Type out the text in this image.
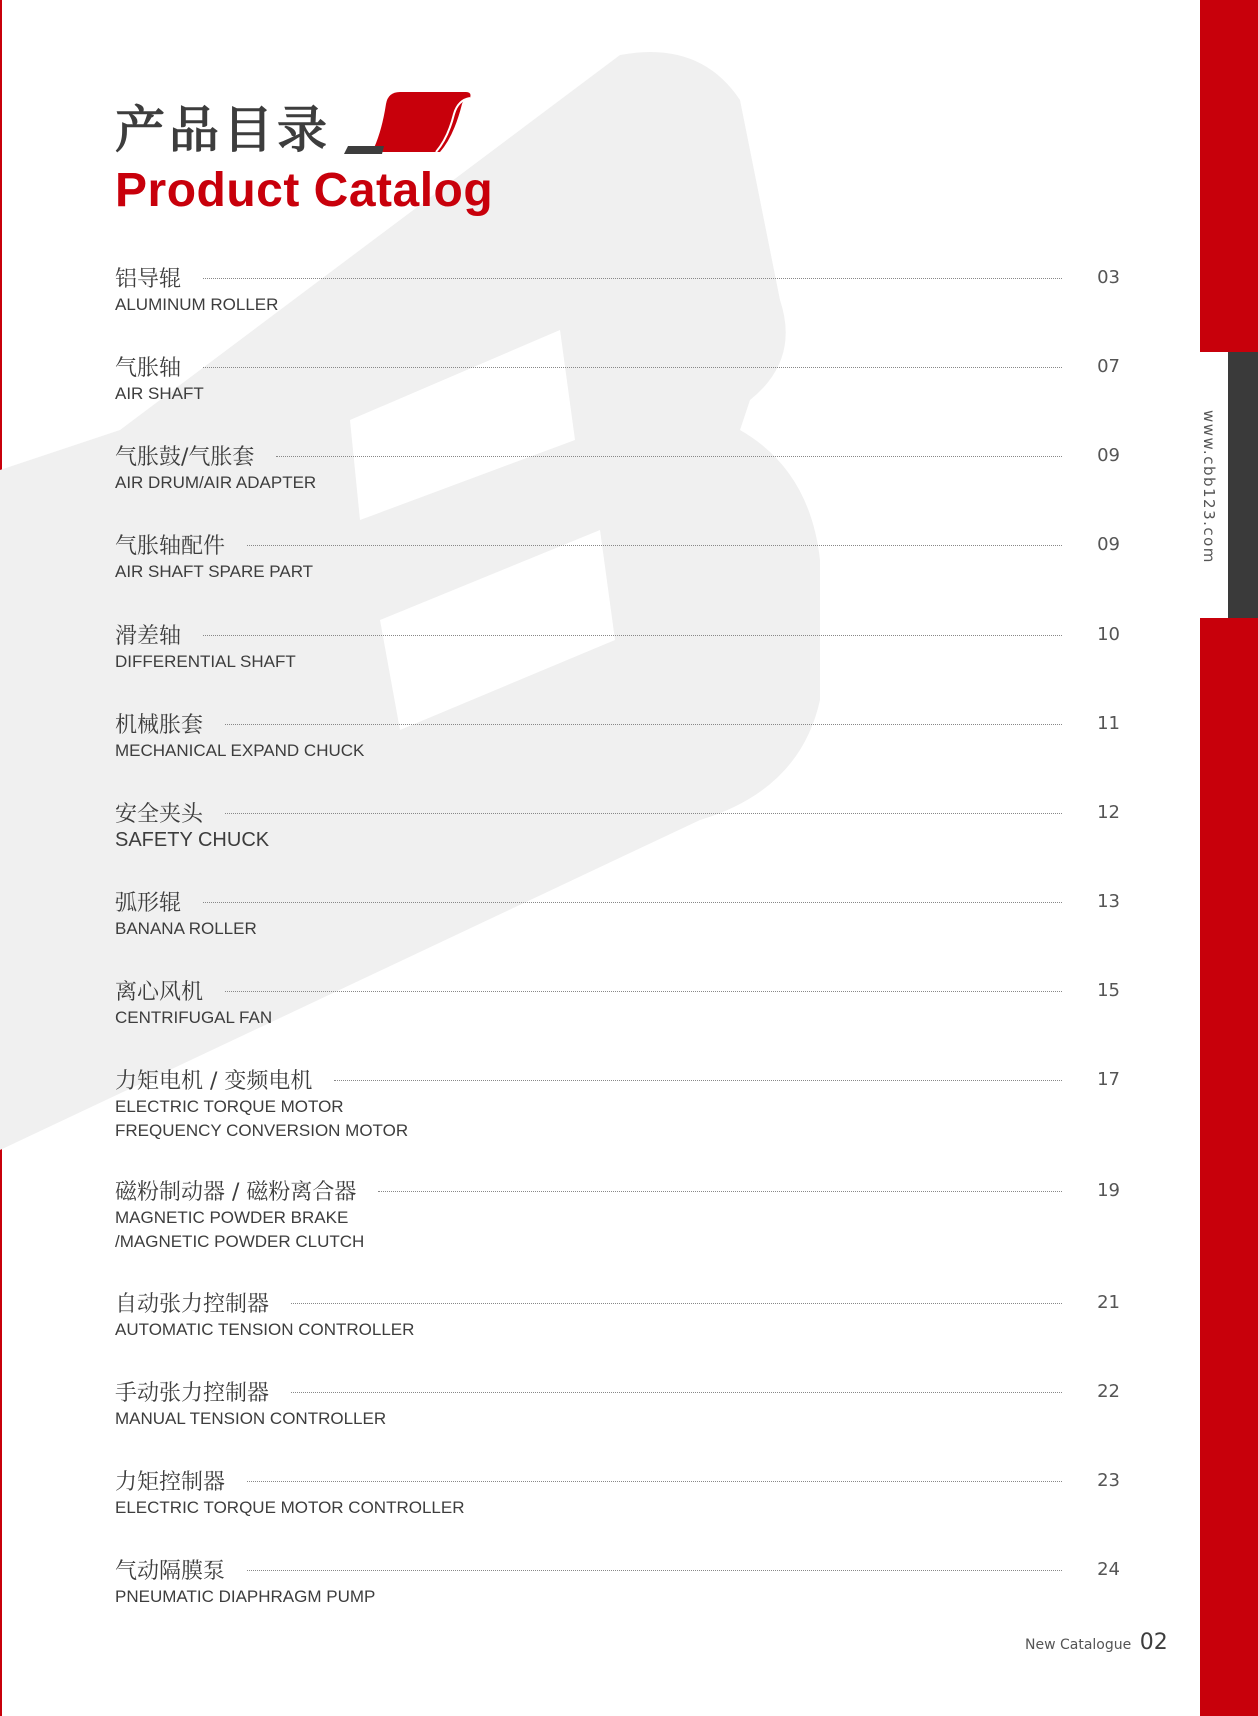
www.cbb123.com
产品目录
Product Catalog
铝导辊	03
ALUMINUM ROLLER
气胀轴	07
AIR SHAFT
气胀鼓/气胀套	09
AIR DRUM/AIR ADAPTER
气胀轴配件	09
AIR SHAFT SPARE PART
滑差轴	10
DIFFERENTIAL SHAFT
机械胀套	11
MECHANICAL EXPAND CHUCK
安全夹头	12
SAFETY CHUCK
弧形辊	13
BANANA ROLLER
离心风机	15
CENTRIFUGAL FAN
力矩电机 / 变频电机	17
ELECTRIC TORQUE MOTOR
FREQUENCY CONVERSION MOTOR
磁粉制动器 / 磁粉离合器	19
MAGNETIC POWDER BRAKE
/MAGNETIC POWDER CLUTCH
自动张力控制器	21
AUTOMATIC TENSION CONTROLLER
手动张力控制器	22
MANUAL TENSION CONTROLLER
力矩控制器	23
ELECTRIC TORQUE MOTOR CONTROLLER
气动隔膜泵	24
PNEUMATIC DIAPHRAGM PUMP
New Catalogue 02
